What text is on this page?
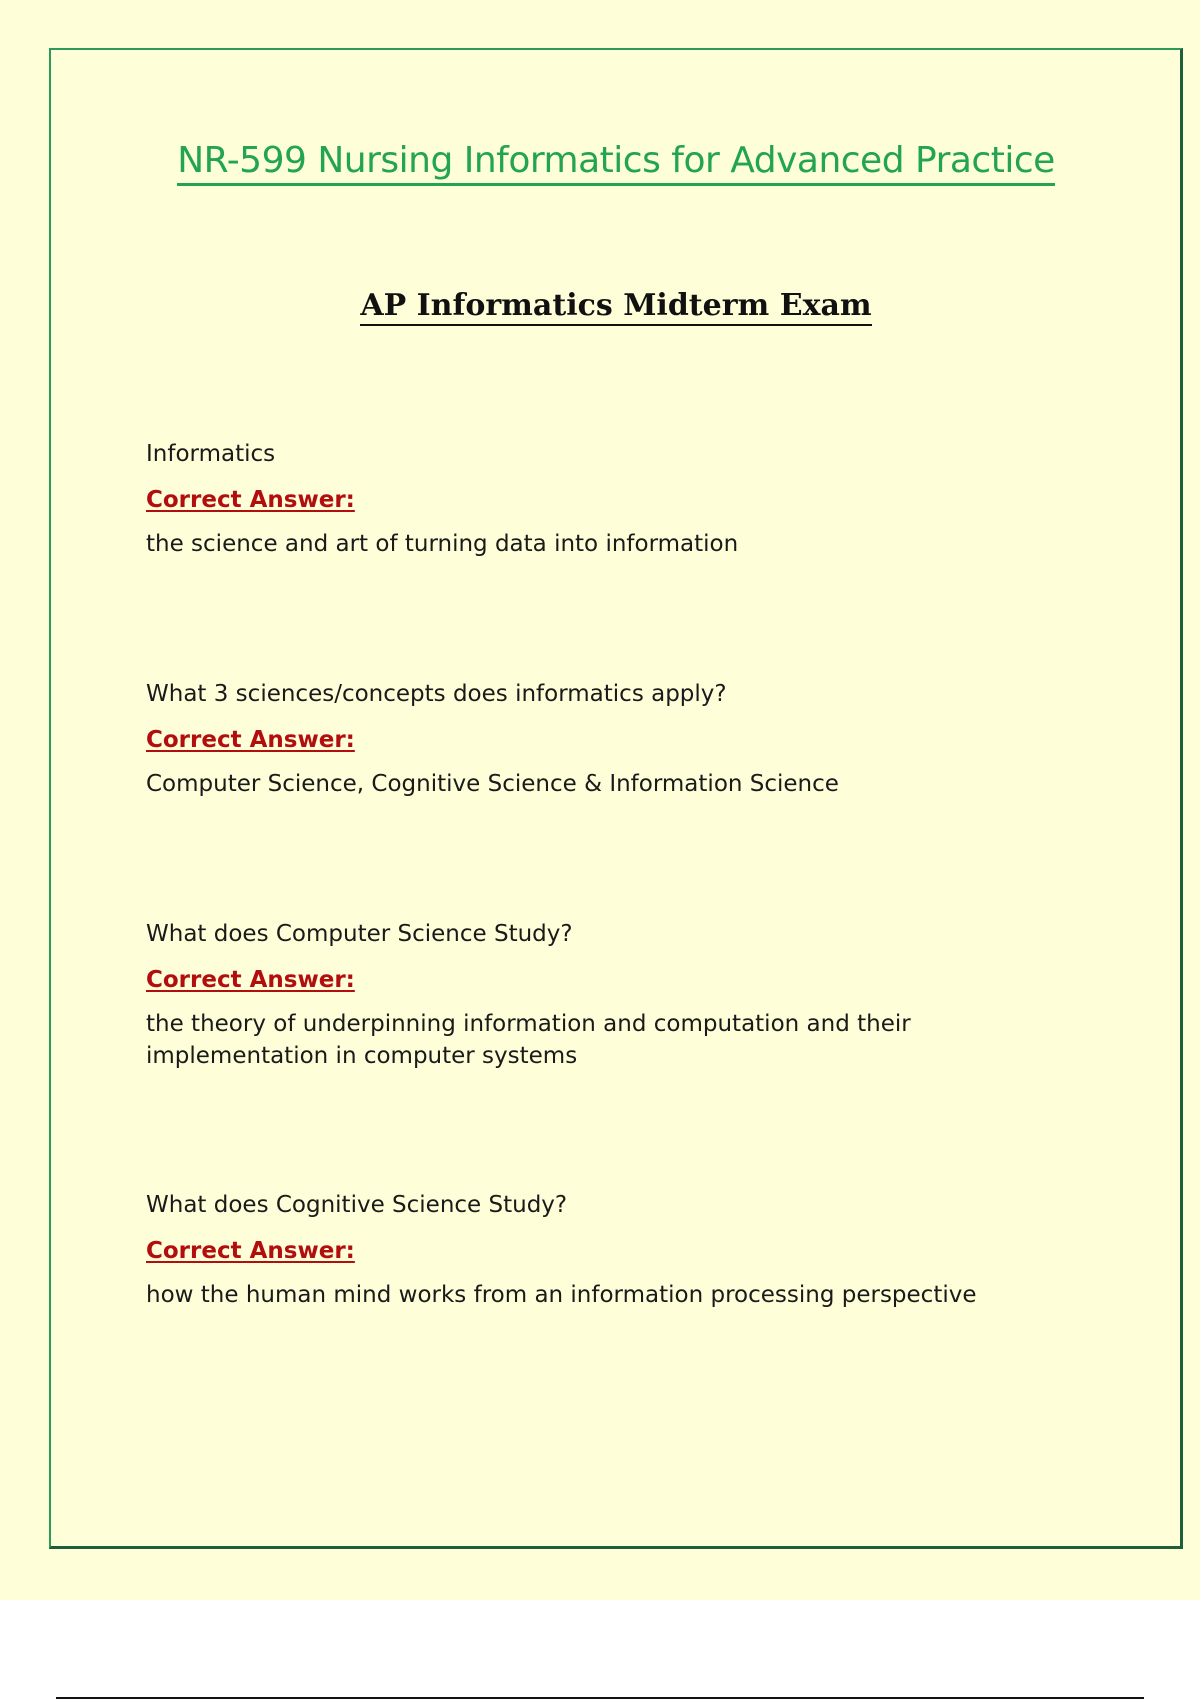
NR-599 Nursing Informatics for Advanced Practice
AP Informatics Midterm Exam

Informatics

Correct Answer:

the science and art of turning data into information

What 3 sciences/concepts does informatics apply?

Correct Answer:

Computer Science, Cognitive Science & Information Science

What does Computer Science Study?

Correct Answer:

the theory of underpinning information and computation and their implementation in computer systems

What does Cognitive Science Study?

Correct Answer:

how the human mind works from an information processing perspective
